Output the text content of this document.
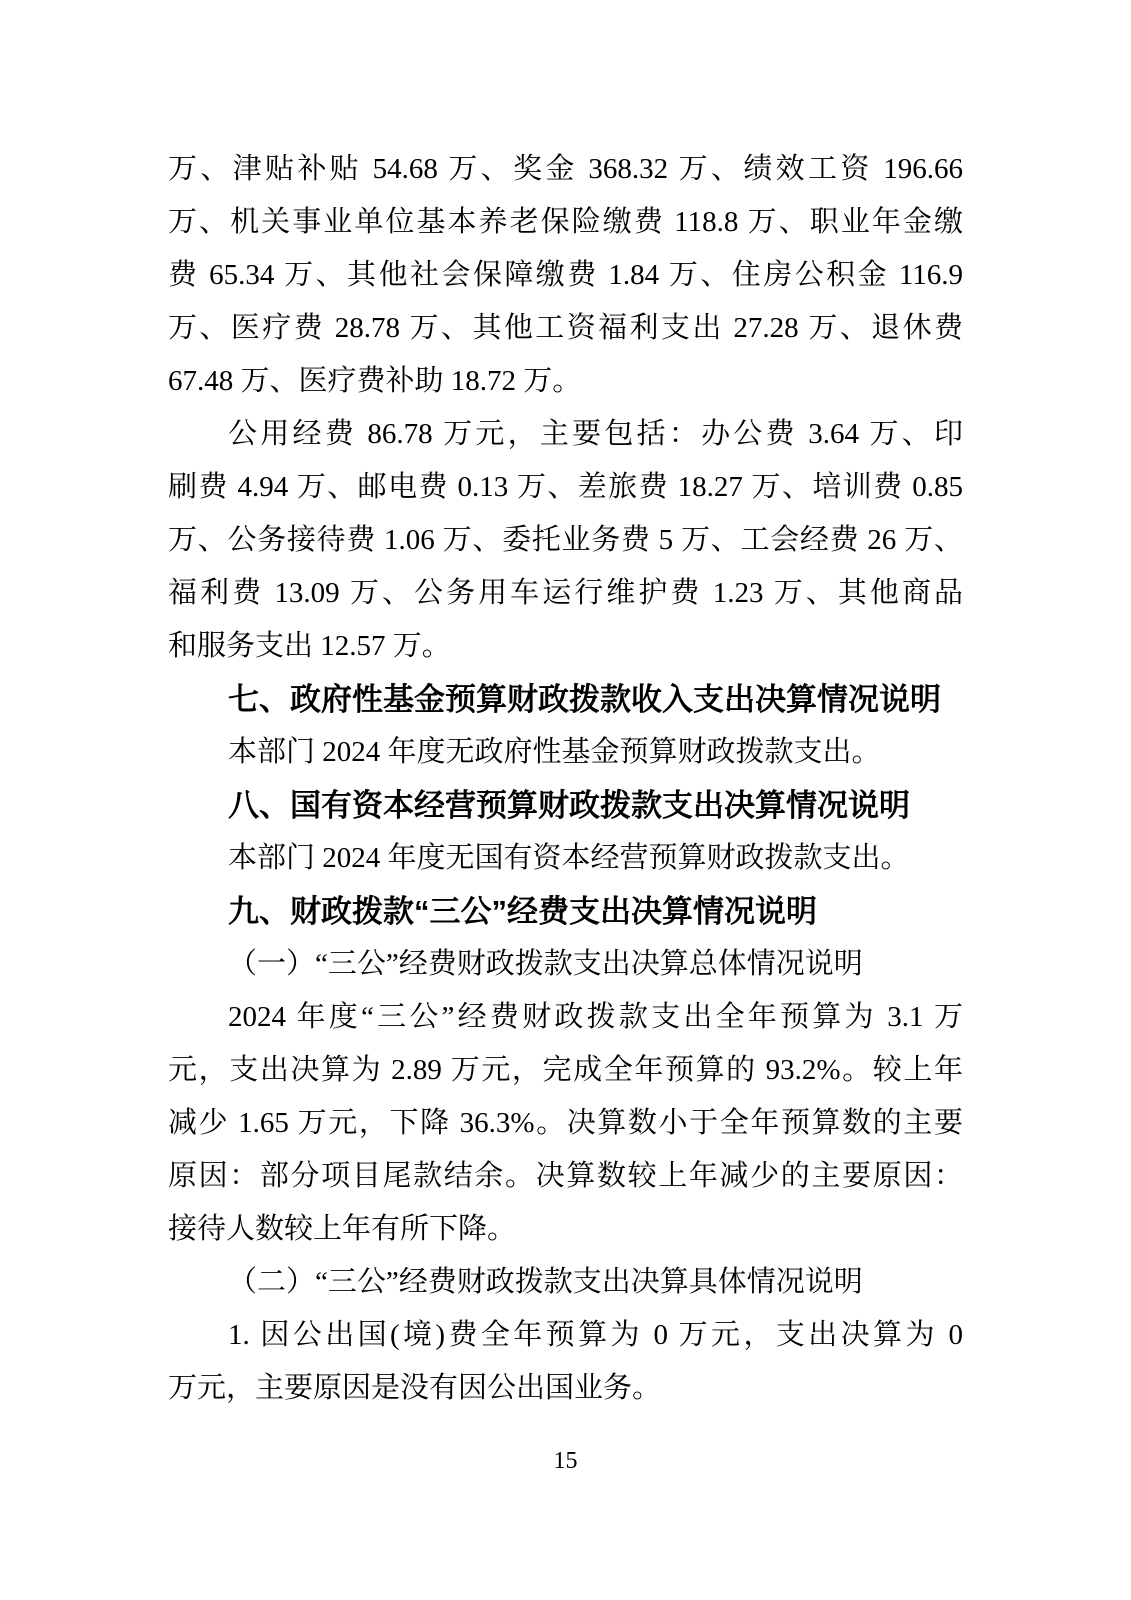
万、津贴补贴 54.68 万、奖金 368.32 万、绩效工资 196.66
万、机关事业单位基本养老保险缴费 118.8 万、职业年金缴
费 65.34 万、其他社会保障缴费 1.84 万、住房公积金 116.9
万、医疗费 28.78 万、其他工资福利支出 27.28 万、退休费
67.48 万、医疗费补助 18.72 万。
公用经费 86.78 万元，主要包括：办公费 3.64 万、印
刷费 4.94 万、邮电费 0.13 万、差旅费 18.27 万、培训费 0.85
万、公务接待费 1.06 万、委托业务费 5 万、工会经费 26 万、
福利费 13.09 万、公务用车运行维护费 1.23 万、其他商品
和服务支出 12.57 万。
七、政府性基金预算财政拨款收入支出决算情况说明
本部门 2024 年度无政府性基金预算财政拨款支出。
八、国有资本经营预算财政拨款支出决算情况说明
本部门 2024 年度无国有资本经营预算财政拨款支出。
九、财政拨款“三公”经费支出决算情况说明
（一）“三公”经费财政拨款支出决算总体情况说明
2024 年度“三公”经费财政拨款支出全年预算为 3.1 万
元，支出决算为 2.89 万元，完成全年预算的 93.2%。较上年
减少 1.65 万元，下降 36.3%。决算数小于全年预算数的主要
原因：部分项目尾款结余。决算数较上年减少的主要原因：
接待人数较上年有所下降。
（二）“三公”经费财政拨款支出决算具体情况说明
1. 因公出国(境)费全年预算为 0 万元，支出决算为 0
万元，主要原因是没有因公出国业务。
15
